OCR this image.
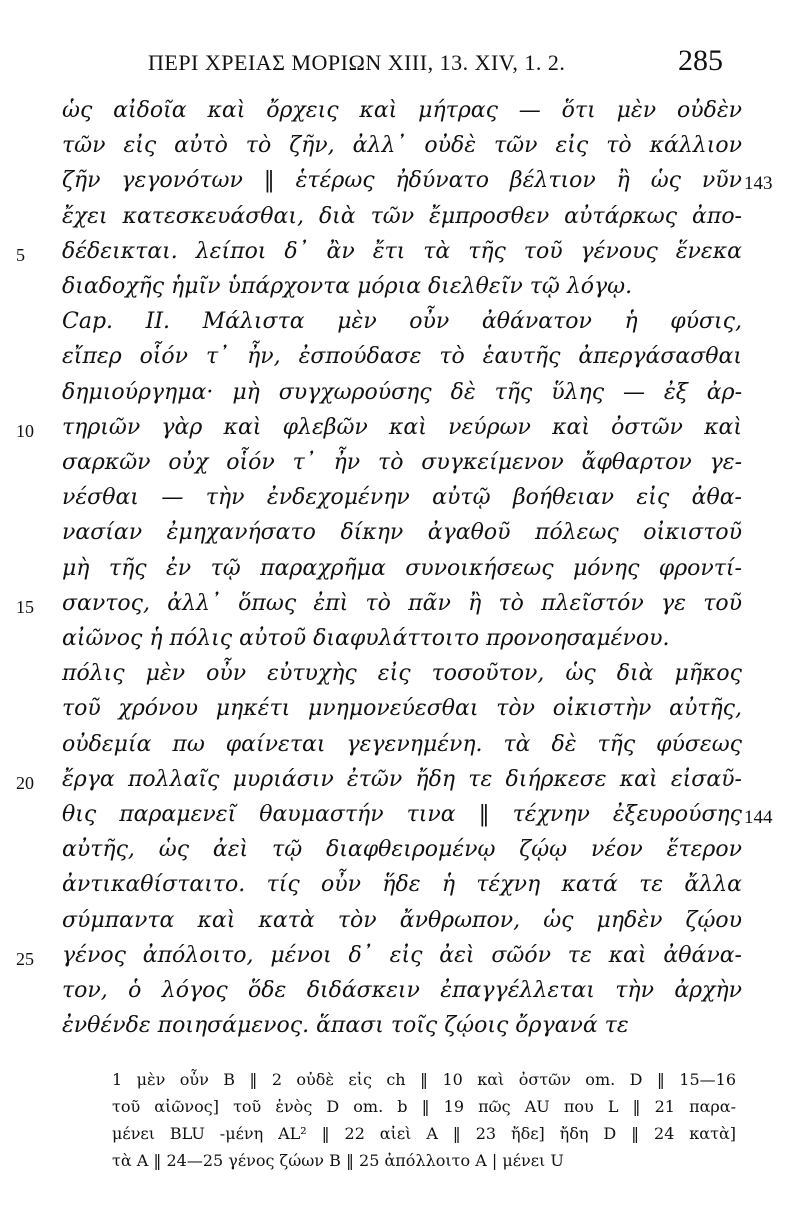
ΠΕΡΙ ΧΡΕΙΑΣ ΜΟΡΙΩΝ XIII, 13. XIV, 1. 2.	285
ὡς αἰδοῖα καὶ ὄρχεις καὶ μήτρας — ὅτι μὲν οὐδὲν
τῶν εἰς αὐτὸ τὸ ζῆν, ἀλλ᾽ οὐδὲ τῶν εἰς τὸ κάλλιον
ζῆν γεγονότων ‖ ἑτέρως ἠδύνατο βέλτιον ἢ ὡς νῦν 143
ἔχει κατεσκευάσθαι, διὰ τῶν ἔμπροσθεν αὐτάρκως ἀπο-
5	δέδεικται. λείποι δ᾽ ἂν ἔτι τὰ τῆς τοῦ γένους ἕνεκα
διαδοχῆς ἡμῖν ὑπάρχοντα μόρια διελθεῖν τῷ λόγῳ.
Cap. II. Μάλιστα μὲν οὖν ἀθάνατον ἡ φύσις,
εἴπερ οἷόν τ᾽ ἦν, ἐσπούδασε τὸ ἑαυτῆς ἀπεργάσασθαι
δημιούργημα· μὴ συγχωρούσης δὲ τῆς ὕλης — ἐξ ἀρ-
10	τηριῶν γὰρ καὶ φλεβῶν καὶ νεύρων καὶ ὀστῶν καὶ
σαρκῶν οὐχ οἷόν τ᾽ ἦν τὸ συγκείμενον ἄφθαρτον γε-
νέσθαι — τὴν ἐνδεχομένην αὐτῷ βοήθειαν εἰς ἀθα-
νασίαν ἐμηχανήσατο δίκην ἀγαθοῦ πόλεως οἰκιστοῦ
μὴ τῆς ἐν τῷ παραχρῆμα συνοικήσεως μόνης φροντί-
15	σαντος, ἀλλ᾽ ὅπως ἐπὶ τὸ πᾶν ἢ τὸ πλεῖστόν γε τοῦ
αἰῶνος ἡ πόλις αὐτοῦ διαφυλάττοιτο προνοησαμένου.
πόλις μὲν οὖν εὐτυχὴς εἰς τοσοῦτον, ὡς διὰ μῆκος
τοῦ χρόνου μηκέτι μνημονεύεσθαι τὸν οἰκιστὴν αὐτῆς,
οὐδεμία πω φαίνεται γεγενημένη. τὰ δὲ τῆς φύσεως
20	ἔργα πολλαῖς μυριάσιν ἐτῶν ἤδη τε διήρκεσε καὶ εἰσαῦ-
θις παραμενεῖ θαυμαστήν τινα ‖ τέχνην ἐξευρούσης 144
αὐτῆς, ὡς ἀεὶ τῷ διαφθειρομένῳ ζῴῳ νέον ἕτερον
ἀντικαθίσταιτο. τίς οὖν ἥδε ἡ τέχνη κατά τε ἄλλα
σύμπαντα καὶ κατὰ τὸν ἄνθρωπον, ὡς μηδὲν ζῴου
25	γένος ἀπόλοιτο, μένοι δ᾽ εἰς ἀεὶ σῶόν τε καὶ ἀθάνα-
τον, ὁ λόγος ὅδε διδάσκειν ἐπαγγέλλεται τὴν ἀρχὴν
ἐνθένδε ποιησάμενος. ἅπασι τοῖς ζῴοις ὄργανά τε
1 μὲν οὖν B ‖ 2 οὐδὲ εἰς ch ‖ 10 καὶ ὀστῶν om. D ‖ 15—16
τοῦ αἰῶνος] τοῦ ἑνὸς D om. b ‖ 19 πῶς AU που L ‖ 21 παρα-
μένει BLU -μένη AL² ‖ 22 αἰεὶ A ‖ 23 ἤδε] ἤδη D ‖ 24 κατὰ]
τὰ A ‖ 24—25 γένος ζώων B ‖ 25 ἀπόλλοιτο A | μένει U
